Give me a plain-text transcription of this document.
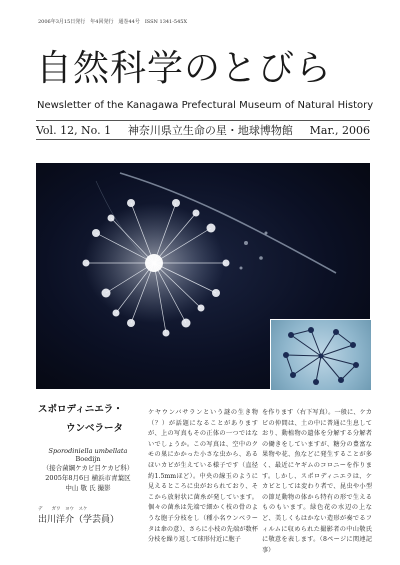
2006年3月15日発行　年4回発行　通巻44号　ISSN 1341-545X
自然科学のとびら
Newsletter of the Kanagawa Prefectural Museum of Natural History
Vol. 12, No. 1 神奈川県立生命の星・地球博物館 Mar., 2006
スポロディニエラ・
ウンベラータ
Sporodiniella umbellata Boedijn
（接合菌綱ケカビ目ケカビ科）
2005年8月6日 横浜市青葉区
中山 敬 氏 撮影
デ　　ガワ　ヨウ　スケ
出川洋介（学芸員）
ケヤウンバサランという謎の生き物（？）が話題になることがありますが、上の写真もその正体の一つではないでしょうか。この写真は、空中のクモの巣にかかった小さな虫から、あるほいカビが生えている様子です（直径約1.5mmほど）。中央の線玉のように見えるところに虫がおられており、そこから放射状に菌糸が発しています。個々の菌糸は先端で細かく枝の骨のような胞子分枝をし（種小名ウンベラータは傘の意）、さらに小枝の先端が数杯分枝を繰り返して球形付近に胞子
を作ります（右下写真）。一般に、ケカビの仲間は、土の中に普通に生息しており、動植物の遺体を分解する分解者の働きをしていますが、糖分の豊富な果物や花、魚などに発生することが多く、最近にヤギムのコロニーを作ります。しかし、スポロディニエラは、ケカビとしては変わり者で、昆虫や小型の節足動物の体から特有の形で生えるものもいます。緑色花の水辺の上など、美しくもはかない造形が奏でるフィルムに収められた撮影者の中山敬氏に敬意を表します。（8ページに関連記事）
